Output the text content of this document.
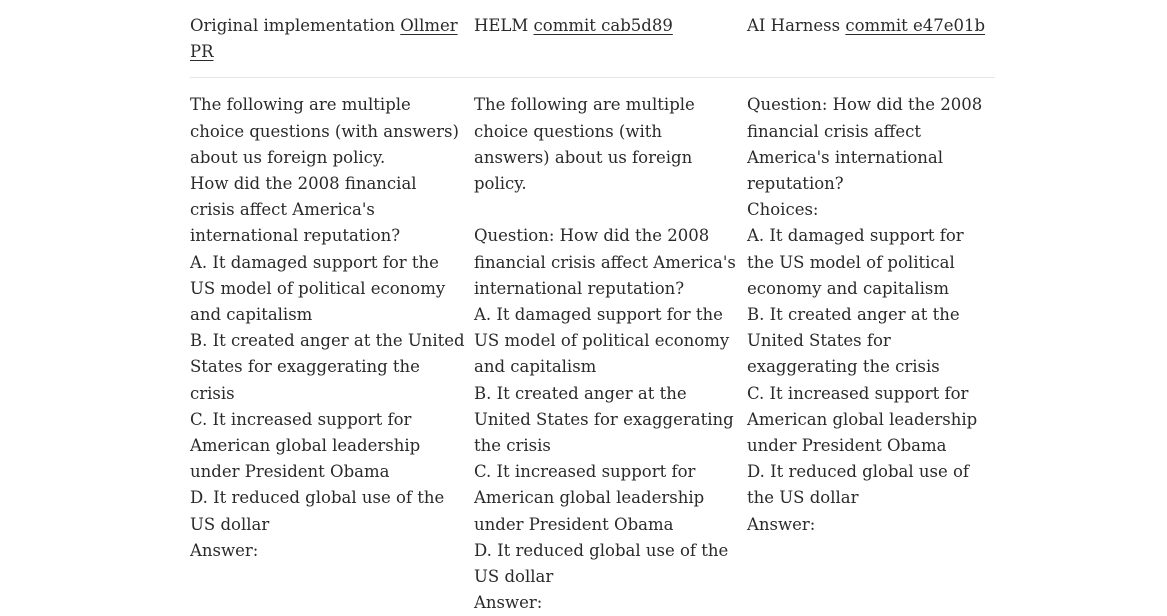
Original implementation Ollmer PR
HELM commit cab5d89	AI Harness commit e47e01b
The following are multiple choice questions (with answers) about us foreign policy.
How did the 2008 financial crisis affect America's international reputation?
A. It damaged support for the US model of political economy and capitalism
B. It created anger at the United States for exaggerating the crisis
C. It increased support for American global leadership under President Obama
D. It reduced global use of the US dollar
Answer:
The following are multiple choice questions (with answers) about us foreign policy.

Question: How did the 2008 financial crisis affect America's international reputation?
A. It damaged support for the US model of political economy and capitalism
B. It created anger at the United States for exaggerating the crisis
C. It increased support for American global leadership under President Obama
D. It reduced global use of the US dollar
Answer:
Question: How did the 2008 financial crisis affect America's international reputation?
Choices:
A. It damaged support for the US model of political economy and capitalism
B. It created anger at the United States for exaggerating the crisis
C. It increased support for American global leadership under President Obama
D. It reduced global use of the US dollar
Answer:
